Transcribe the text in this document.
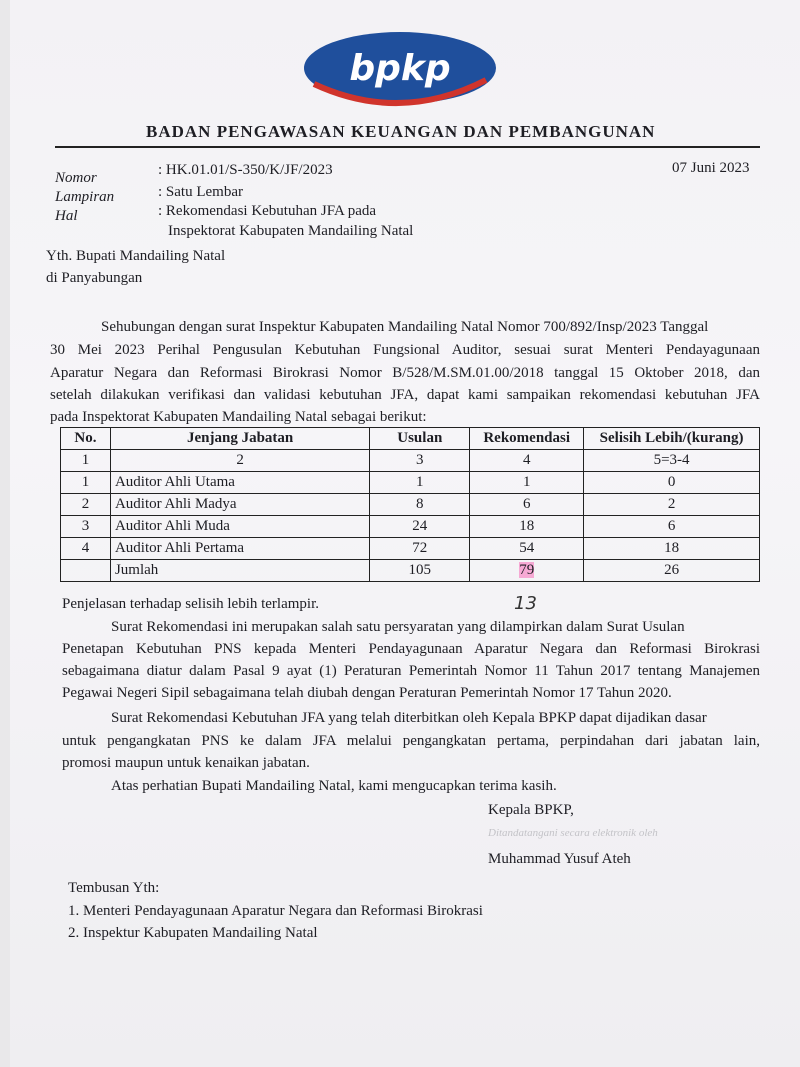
bpkp
BADAN PENGAWASAN KEUANGAN DAN PEMBANGUNAN
Nomor	: HK.01.01/S-350/K/JF/2023
Lampiran	: Satu Lembar
Hal	: Rekomendasi Kebutuhan JFA pada
Inspektorat Kabupaten Mandailing Natal
07 Juni 2023
Yth. Bupati Mandailing Natal
di Panyabungan
Sehubungan dengan surat Inspektur Kabupaten Mandailing Natal Nomor 700/892/Insp/2023 Tanggal
30 Mei 2023 Perihal Pengusulan Kebutuhan Fungsional Auditor, sesuai surat Menteri Pendayagunaan
Aparatur Negara dan Reformasi Birokrasi Nomor B/528/M.SM.01.00/2018 tanggal 15 Oktober 2018, dan
setelah dilakukan verifikasi dan validasi kebutuhan JFA, dapat kami sampaikan rekomendasi kebutuhan JFA
pada Inspektorat Kabupaten Mandailing Natal sebagai berikut:
No.	Jenjang Jabatan	Usulan	Rekomendasi	Selisih Lebih/(kurang)
1	2	3	4	5=3-4
1	Auditor Ahli Utama	1	1	0
2	Auditor Ahli Madya	8	6	2
3	Auditor Ahli Muda	24	18	6
4	Auditor Ahli Pertama	72	54	18
	Jumlah	105	79	26
13
Penjelasan terhadap selisih lebih terlampir.
Surat Rekomendasi ini merupakan salah satu persyaratan yang dilampirkan dalam Surat Usulan
Penetapan Kebutuhan PNS kepada Menteri Pendayagunaan Aparatur Negara dan Reformasi Birokrasi
sebagaimana diatur dalam Pasal 9 ayat (1) Peraturan Pemerintah Nomor 11 Tahun 2017 tentang Manajemen
Pegawai Negeri Sipil sebagaimana telah diubah dengan Peraturan Pemerintah Nomor 17 Tahun 2020.
Surat Rekomendasi Kebutuhan JFA yang telah diterbitkan oleh Kepala BPKP dapat dijadikan dasar
untuk pengangkatan PNS ke dalam JFA melalui pengangkatan pertama, perpindahan dari jabatan lain,
promosi maupun untuk kenaikan jabatan.
Atas perhatian Bupati Mandailing Natal, kami mengucapkan terima kasih.
Kepala BPKP,
Ditandatangani secara elektronik oleh
Muhammad Yusuf Ateh
Tembusan Yth:
1. Menteri Pendayagunaan Aparatur Negara dan Reformasi Birokrasi
2. Inspektur Kabupaten Mandailing Natal
